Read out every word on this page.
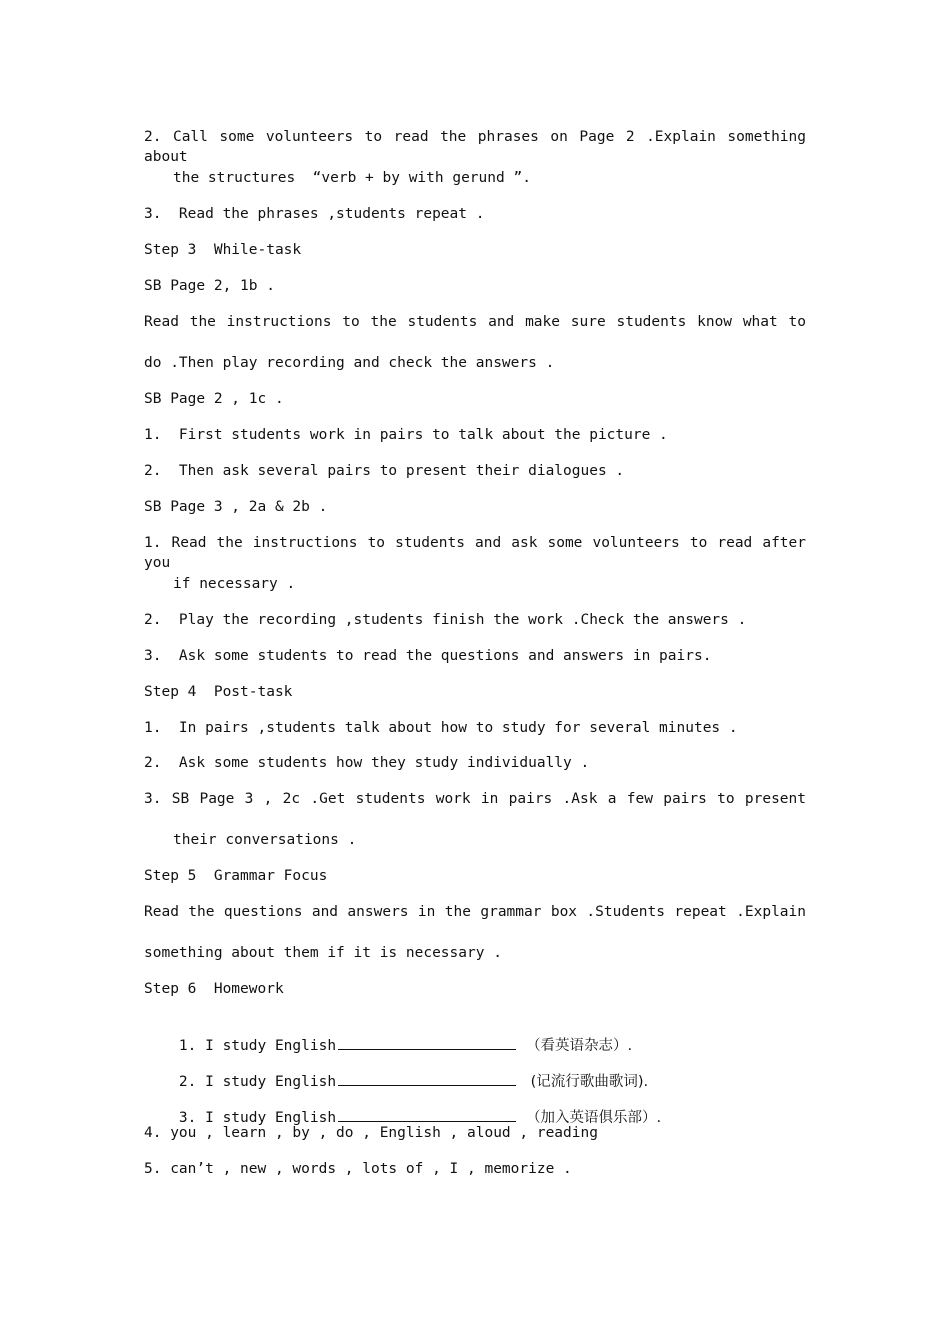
2. Call some volunteers to read the phrases on Page 2 .Explain something about
the structures  “verb + by with gerund ”.
3.  Read the phrases ,students repeat .
Step 3  While-task
SB Page 2, 1b .
Read the instructions to the students and make sure students know what to
do .Then play recording and check the answers .
SB Page 2 , 1c .
1.  First students work in pairs to talk about the picture .
2.  Then ask several pairs to present their dialogues .
SB Page 3 , 2a & 2b .
1. Read the instructions to students and ask some volunteers to read after you
if necessary .
2.  Play the recording ,students finish the work .Check the answers .
3.  Ask some students to read the questions and answers in pairs.
Step 4  Post-task
1.  In pairs ,students talk about how to study for several minutes .
2.  Ask some students how they study individually .
3. SB Page 3 , 2c .Get students work in pairs .Ask a few pairs to present
their conversations .
Step 5  Grammar Focus
Read the questions and answers in the grammar box .Students repeat .Explain
something about them if it is necessary .
Step 6  Homework

1. I study English	（看英语杂志）.

2. I study English	(记流行歌曲歌词).

3. I study English	（加入英语俱乐部）.

4. you , learn , by , do , English , aloud , reading
5. can’t , new , words , lots of , I , memorize .
